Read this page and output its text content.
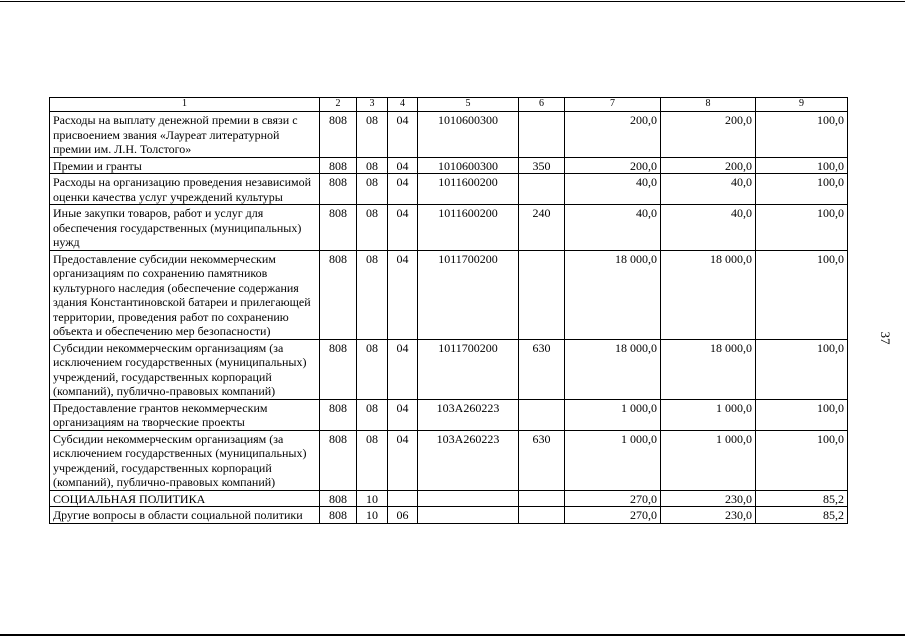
37
1	2	3	4	5	6	7	8	9
Расходы на выплату денежной премии в связи с присвоением звания «Лауреат литературной премии им. Л.Н. Толстого»	808	08	04	1010600300		200,0	200,0	100,0
Премии и гранты	808	08	04	1010600300	350	200,0	200,0	100,0
Расходы на организацию проведения независимой оценки качества услуг учреждений культуры	808	08	04	1011600200		40,0	40,0	100,0
Иные закупки товаров, работ и услуг для обеспечения государственных (муниципальных) нужд	808	08	04	1011600200	240	40,0	40,0	100,0
Предоставление субсидии некоммерческим организациям по сохранению памятников культурного наследия (обеспечение содержания здания Константиновской батареи и прилегающей территории, проведения работ по сохранению объекта и обеспечению мер безопасности)	808	08	04	1011700200		18 000,0	18 000,0	100,0
Субсидии некоммерческим организациям (за исключением государственных (муниципальных) учреждений, государственных корпораций (компаний), публично-правовых компаний)	808	08	04	1011700200	630	18 000,0	18 000,0	100,0
Предоставление грантов некоммерческим организациям на творческие проекты	808	08	04	103A260223		1 000,0	1 000,0	100,0
Субсидии некоммерческим организациям (за исключением государственных (муниципальных) учреждений, государственных корпораций (компаний), публично-правовых компаний)	808	08	04	103A260223	630	1 000,0	1 000,0	100,0
СОЦИАЛЬНАЯ ПОЛИТИКА	808	10				270,0	230,0	85,2
Другие вопросы в области социальной политики	808	10	06			270,0	230,0	85,2
